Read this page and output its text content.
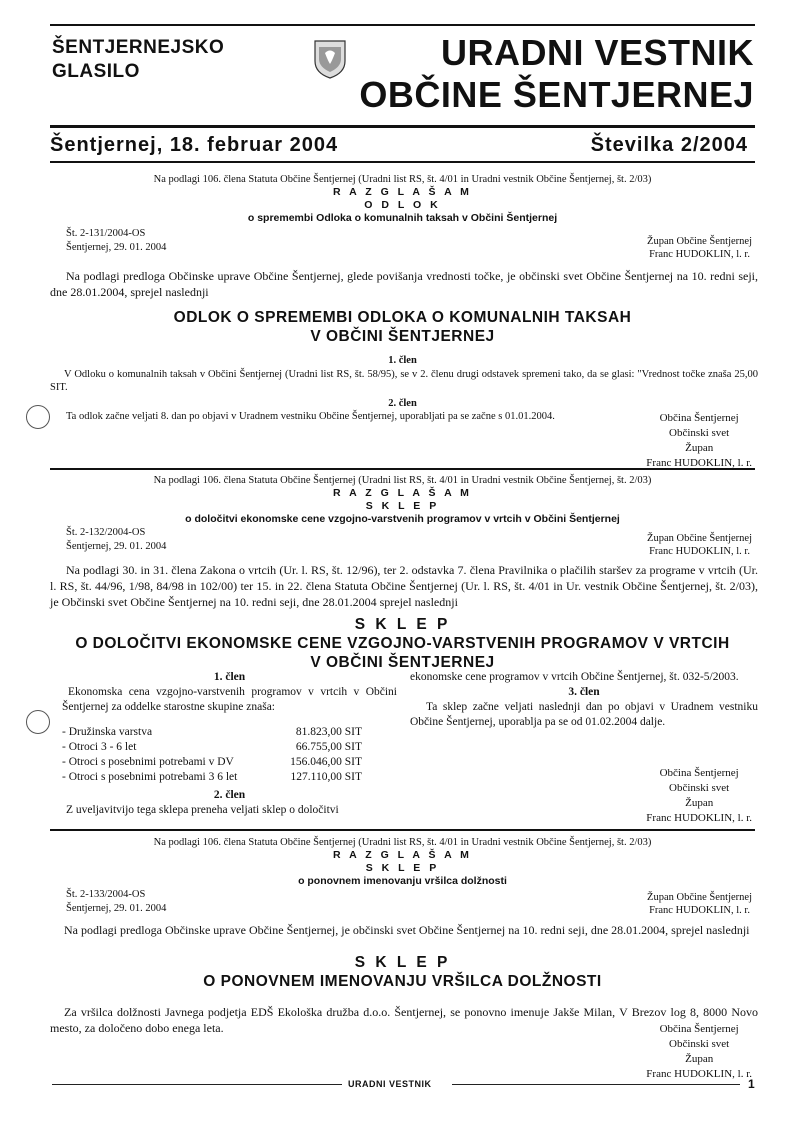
ŠENTJERNEJSKO
GLASILO	URADNI VESTNIK
OBČINE ŠENTJERNEJ
Šentjernej, 18. februar 2004	Številka 2/2004
Na podlagi 106. člena Statuta Občine Šentjernej (Uradni list RS, št. 4/01 in Uradni vestnik Občine Šentjernej, št. 2/03)
R A Z G L A Š A M
O D L O K
o spremembi Odloka o komunalnih taksah v Občini Šentjernej
Št. 2-131/2004-OS
Šentjernej, 29. 01. 2004
Župan Občine Šentjernej
Franc HUDOKLIN, l. r.
Na podlagi predloga Občinske uprave Občine Šentjernej, glede povišanja vrednosti točke, je občinski svet Občine Šentjernej na 10. redni seji, dne 28.01.2004, sprejel naslednji
ODLOK O SPREMEMBI ODLOKA O KOMUNALNIH TAKSAH
V OBČINI ŠENTJERNEJ
1. člen
V Odloku o komunalnih taksah v Občini Šentjernej (Uradni list RS, št. 58/95), se v 2. členu drugi odstavek spremeni tako, da se glasi: "Vrednost točke znaša 25,00 SIT.
2. člen
Ta odlok začne veljati 8. dan po objavi v Uradnem vestniku Občine Šentjernej, uporabljati pa se začne s 01.01.2004.	Občina Šentjernej
Občinski svet
Župan
Franc HUDOKLIN, l. r.
Na podlagi 106. člena Statuta Občine Šentjernej (Uradni list RS, št. 4/01 in Uradni vestnik Občine Šentjernej, št. 2/03)
R A Z G L A Š A M
S K L E P
o določitvi ekonomske cene vzgojno-varstvenih programov v vrtcih v Občini Šentjernej
Št. 2-132/2004-OS
Šentjernej, 29. 01. 2004
Župan Občine Šentjernej
Franc HUDOKLIN, l. r.
Na podlagi 30. in 31. člena Zakona o vrtcih (Ur. l. RS, št. 12/96), ter 2. odstavka 7. člena Pravilnika o plačilih staršev za programe v vrtcih (Ur. l. RS, št. 44/96, 1/98, 84/98 in 102/00) ter 15. in 22. člena Statuta Občine Šentjernej (Ur. l. RS, št. 4/01 in Ur. vestnik Občine Šentjernej, št. 2/03), je Občinski svet Občine Šentjernej na 10. redni seji, dne 28.01.2004 sprejel naslednji
S K L E P
O DOLOČITVI EKONOMSKE CENE VZGOJNO-VARSTVENIH PROGRAMOV V VRTCIH
V OBČINI ŠENTJERNEJ
1. člen
Ekonomska cena vzgojno-varstvenih programov v vrtcih v Občini Šentjernej za oddelke starostne skupine znaša:
- Družinska varstva	81.823,00 SIT
- Otroci 3 - 6 let	66.755,00 SIT
- Otroci s posebnimi potrebami v DV	156.046,00 SIT
- Otroci s posebnimi potrebami 3 6 let	127.110,00 SIT
2. člen
Z uveljavitvijo tega sklepa preneha veljati sklep o določitvi
ekonomske cene programov v vrtcih Občine Šentjernej, št. 032-5/2003.
3. člen
Ta sklep začne veljati naslednji dan po objavi v Uradnem vestniku Občine Šentjernej, uporablja pa se od 01.02.2004 dalje.
Občina Šentjernej
Občinski svet
Župan
Franc HUDOKLIN, l. r.
Na podlagi 106. člena Statuta Občine Šentjernej (Uradni list RS, št. 4/01 in Uradni vestnik Občine Šentjernej, št. 2/03)
R A Z G L A Š A M
S K L E P
o ponovnem imenovanju vršilca dolžnosti
Št. 2-133/2004-OS
Šentjernej, 29. 01. 2004
Župan Občine Šentjernej
Franc HUDOKLIN, l. r.
Na podlagi predloga Občinske uprave Občine Šentjernej, je občinski svet Občine Šentjernej na 10. redni seji, dne 28.01.2004, sprejel naslednji
S K L E P
O PONOVNEM IMENOVANJU VRŠILCA DOLŽNOSTI
Za vršilca dolžnosti Javnega podjetja EDŠ Ekološka družba d.o.o. Šentjernej, se ponovno imenuje Jakše Milan, V Brezov log 8, 8000 Novo mesto, za določeno dobo enega leta.	Občina Šentjernej
Občinski svet
Župan
Franc HUDOKLIN, l. r.
URADNI VESTNIK	1
